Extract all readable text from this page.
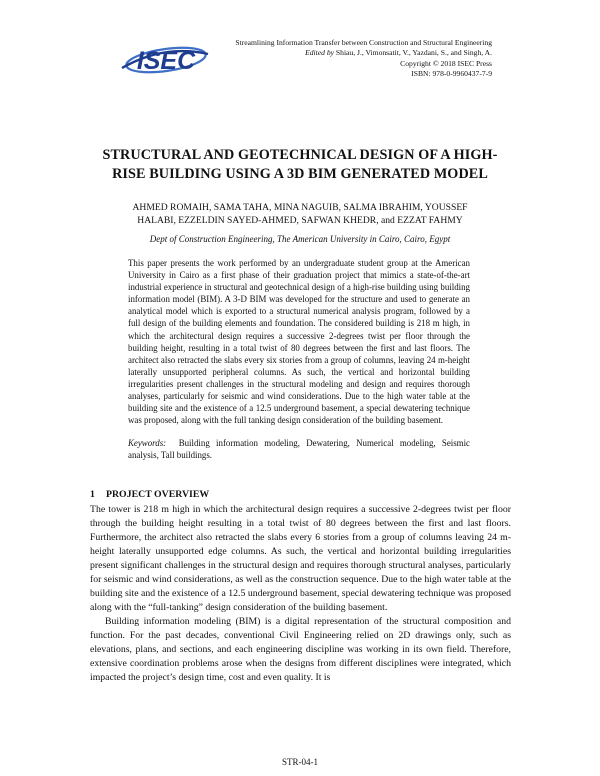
ISEC
Streamlining Information Transfer between Construction and Structural Engineering
Edited by Shiau, J., Vimonsatit, V., Yazdani, S., and Singh, A.
Copyright © 2018 ISEC Press
ISBN: 978-0-9960437-7-9
STRUCTURAL AND GEOTECHNICAL DESIGN OF A HIGH-RISE BUILDING USING A 3D BIM GENERATED MODEL

AHMED ROMAIH, SAMA TAHA, MINA NAGUIB, SALMA IBRAHIM, YOUSSEF HALABI, EZZELDIN SAYED-AHMED, SAFWAN KHEDR, and EZZAT FAHMY

Dept of Construction Engineering, The American University in Cairo, Cairo, Egypt

This paper presents the work performed by an undergraduate student group at the American University in Cairo as a first phase of their graduation project that mimics a state-of-the-art industrial experience in structural and geotechnical design of a high-rise building using building information model (BIM). A 3-D BIM was developed for the structure and used to generate an analytical model which is exported to a structural numerical analysis program, followed by a full design of the building elements and foundation. The considered building is 218 m high, in which the architectural design requires a successive 2-degrees twist per floor through the building height, resulting in a total twist of 80 degrees between the first and last floors. The architect also retracted the slabs every six stories from a group of columns, leaving 24 m-height laterally unsupported peripheral columns. As such, the vertical and horizontal building irregularities present challenges in the structural modeling and design and requires thorough analyses, particularly for seismic and wind considerations. Due to the high water table at the building site and the existence of a 12.5 underground basement, a special dewatering technique was proposed, along with the full tanking design consideration of the building basement.

Keywords: Building information modeling, Dewatering, Numerical modeling, Seismic analysis, Tall buildings.

1 PROJECT OVERVIEW

The tower is 218 m high in which the architectural design requires a successive 2-degrees twist per floor through the building height resulting in a total twist of 80 degrees between the first and last floors. Furthermore, the architect also retracted the slabs every 6 stories from a group of columns leaving 24 m-height laterally unsupported edge columns. As such, the vertical and horizontal building irregularities present significant challenges in the structural design and requires thorough structural analyses, particularly for seismic and wind considerations, as well as the construction sequence. Due to the high water table at the building site and the existence of a 12.5 underground basement, special dewatering technique was proposed along with the “full-tanking” design consideration of the building basement.

Building information modeling (BIM) is a digital representation of the structural composition and function. For the past decades, conventional Civil Engineering relied on 2D drawings only, such as elevations, plans, and sections, and each engineering discipline was working in its own field. Therefore, extensive coordination problems arose when the designs from different disciplines were integrated, which impacted the project’s design time, cost and even quality. It is

STR-04-1
